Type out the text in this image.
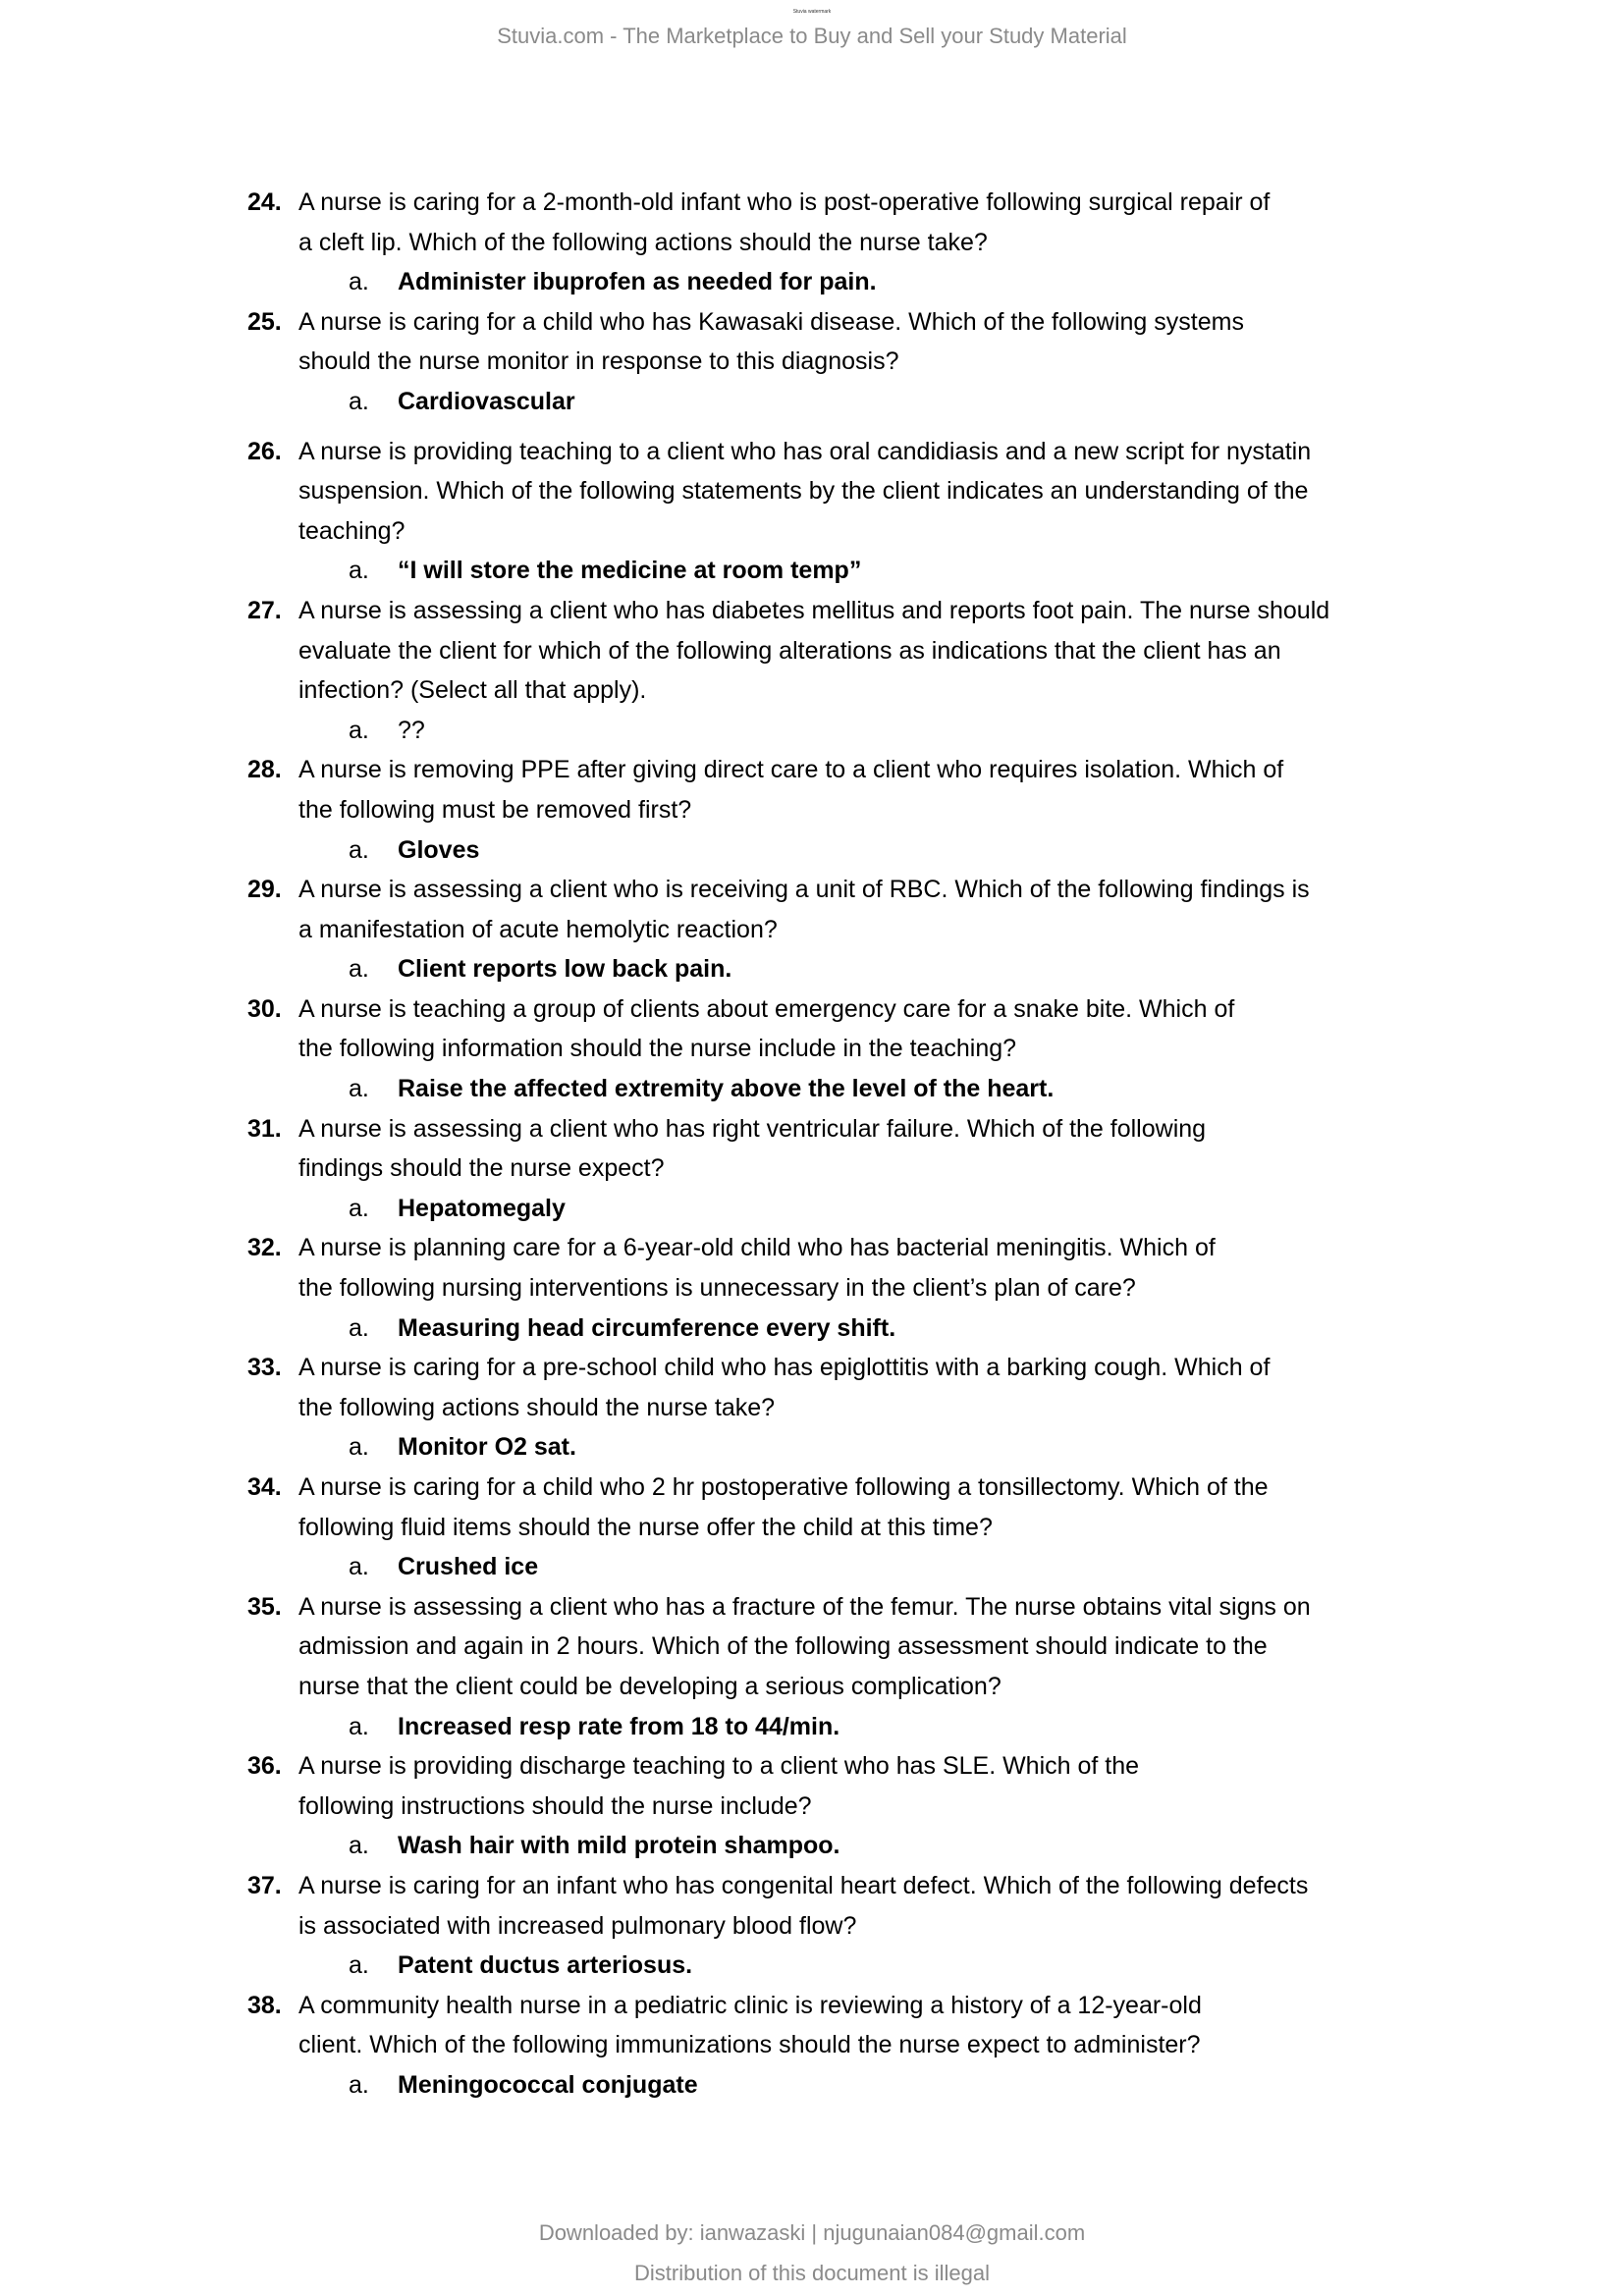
Stuvia watermark
Stuvia.com - The Marketplace to Buy and Sell your Study Material
24. A nurse is caring for a 2-month-old infant who is post-operative following surgical repair of
a cleft lip. Which of the following actions should the nurse take?
a. Administer ibuprofen as needed for pain.
25. A nurse is caring for a child who has Kawasaki disease. Which of the following systems
should the nurse monitor in response to this diagnosis?
a. Cardiovascular
26. A nurse is providing teaching to a client who has oral candidiasis and a new script for nystatin
suspension. Which of the following statements by the client indicates an understanding of the
teaching?
a. “I will store the medicine at room temp”
27. A nurse is assessing a client who has diabetes mellitus and reports foot pain. The nurse should
evaluate the client for which of the following alterations as indications that the client has an
infection? (Select all that apply).
a. ??
28. A nurse is removing PPE after giving direct care to a client who requires isolation. Which of
the following must be removed first?
a. Gloves
29. A nurse is assessing a client who is receiving a unit of RBC. Which of the following findings is
a manifestation of acute hemolytic reaction?
a. Client reports low back pain.
30. A nurse is teaching a group of clients about emergency care for a snake bite. Which of
the following information should the nurse include in the teaching?
a. Raise the affected extremity above the level of the heart.
31. A nurse is assessing a client who has right ventricular failure. Which of the following
findings should the nurse expect?
a. Hepatomegaly
32. A nurse is planning care for a 6-year-old child who has bacterial meningitis. Which of
the following nursing interventions is unnecessary in the client’s plan of care?
a. Measuring head circumference every shift.
33. A nurse is caring for a pre-school child who has epiglottitis with a barking cough. Which of
the following actions should the nurse take?
a. Monitor O2 sat.
34. A nurse is caring for a child who 2 hr postoperative following a tonsillectomy. Which of the
following fluid items should the nurse offer the child at this time?
a. Crushed ice
35. A nurse is assessing a client who has a fracture of the femur. The nurse obtains vital signs on
admission and again in 2 hours. Which of the following assessment should indicate to the
nurse that the client could be developing a serious complication?
a. Increased resp rate from 18 to 44/min.
36. A nurse is providing discharge teaching to a client who has SLE. Which of the
following instructions should the nurse include?
a. Wash hair with mild protein shampoo.
37. A nurse is caring for an infant who has congenital heart defect. Which of the following defects
is associated with increased pulmonary blood flow?
a. Patent ductus arteriosus.
38. A community health nurse in a pediatric clinic is reviewing a history of a 12-year-old
client. Which of the following immunizations should the nurse expect to administer?
a. Meningococcal conjugate
Downloaded by: ianwazaski | njugunaian084@gmail.com
Distribution of this document is illegal
